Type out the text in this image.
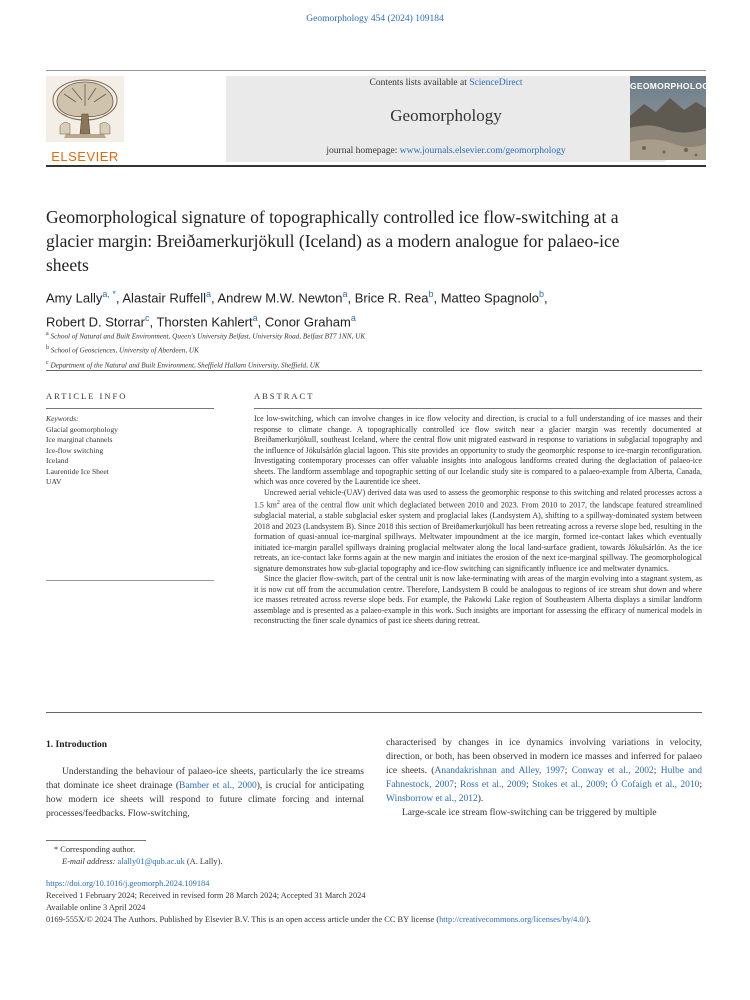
Geomorphology 454 (2024) 109184
ELSEVIER
Contents lists available at ScienceDirect
Geomorphology
journal homepage: www.journals.elsevier.com/geomorphology
GEOMORPHOLOGY
Geomorphological signature of topographically controlled ice flow-switching at a glacier margin: Breiðamerkurjökull (Iceland) as a modern analogue for palaeo-ice sheets
Amy Lally$^{a, *}$, Alastair Ruffell$^a$, Andrew M.W. Newton$^a$, Brice R. Rea$^b$, Matteo Spagnolo$^b$,
Robert D. Storrar$^c$, Thorsten Kahlert$^a$, Conor Graham$^a$
$^a$ School of Natural and Built Environment, Queen's University Belfast, University Road, Belfast BT7 1NN, UK
$^b$ School of Geosciences, University of Aberdeen, UK
$^c$ Department of the Natural and Built Environment, Sheffield Hallam University, Sheffield, UK
ARTICLE INFO	ABSTRACT
Keywords:
Glacial geomorphology
Ice marginal channels
Ice-flow switching
Iceland
Laurentide Ice Sheet
UAV

Ice low-switching, which can involve changes in ice flow velocity and direction, is crucial to a full understanding of ice masses and their response to climate change. A topographically controlled ice flow switch near a glacier margin was recently documented at Breiðamerkurjökull, southeast Iceland, where the central flow unit migrated eastward in response to variations in subglacial topography and the influence of Jökulsárlón glacial lagoon. This site provides an opportunity to study the geomorphic response to ice-margin reconfiguration. Investigating contemporary processes can offer valuable insights into analogous landforms created during the deglaciation of palaeo-ice sheets. The landform assemblage and topographic setting of our Icelandic study site is compared to a palaeo-example from Alberta, Canada, which was once covered by the Laurentide ice sheet.

Uncrewed aerial vehicle-(UAV) derived data was used to assess the geomorphic response to this switching and related processes across a 1.5 $km^2$ area of the central flow unit which deglaciated between 2010 and 2023. From 2010 to 2017, the landscape featured streamlined subglacial material, a stable subglacial esker system and proglacial lakes (Landsystem A), shifting to a spillway-dominated system between 2018 and 2023 (Landsystem B). Since 2018 this section of Breiðamerkurjökull has been retreating across a reverse slope bed, resulting in the formation of quasi-annual ice-marginal spillways. Meltwater impoundment at the ice margin, formed ice-contact lakes which eventually initiated ice-margin parallel spillways draining proglacial meltwater along the local land-surface gradient, towards Jökulsárlón. As the ice retreats, an ice-contact lake forms again at the new margin and initiates the erosion of the next ice-marginal spillway. The geomorphological signature demonstrates how sub-glacial topography and ice-flow switching can significantly influence ice and meltwater dynamics.

Since the glacier flow-switch, part of the central unit is now lake-terminating with areas of the margin evolving into a stagnant system, as it is now cut off from the accumulation centre. Therefore, Landsystem B could be analogous to regions of ice stream shut down and where ice masses retreated across reverse slope beds. For example, the Pakowki Lake region of Southeastern Alberta displays a similar landform assemblage and is presented as a palaeo-example in this work. Such insights are important for assessing the efficacy of numerical models in reconstructing the finer scale dynamics of past ice sheets during retreat.

1. Introduction

Understanding the behaviour of palaeo-ice sheets, particularly the ice streams that dominate ice sheet drainage (Bamber et al., 2000), is crucial for anticipating how modern ice sheets will respond to future climate forcing and internal processes/feedbacks. Flow-switching,

characterised by changes in ice dynamics involving variations in velocity, direction, or both, has been observed in modern ice masses and inferred for palaeo ice sheets. (Anandakrishnan and Alley, 1997; Conway et al., 2002; Hulbe and Fahnestock, 2007; Ross et al., 2009; Stokes et al., 2009; Ó Cofaigh et al., 2010; Winsborrow et al., 2012).

Large-scale ice stream flow-switching can be triggered by multiple

* Corresponding author.
E-mail address: alally01@qub.ac.uk (A. Lally).
https://doi.org/10.1016/j.geomorph.2024.109184
Received 1 February 2024; Received in revised form 28 March 2024; Accepted 31 March 2024
Available online 3 April 2024
0169-555X/© 2024 The Authors. Published by Elsevier B.V. This is an open access article under the CC BY license (http://creativecommons.org/licenses/by/4.0/).
